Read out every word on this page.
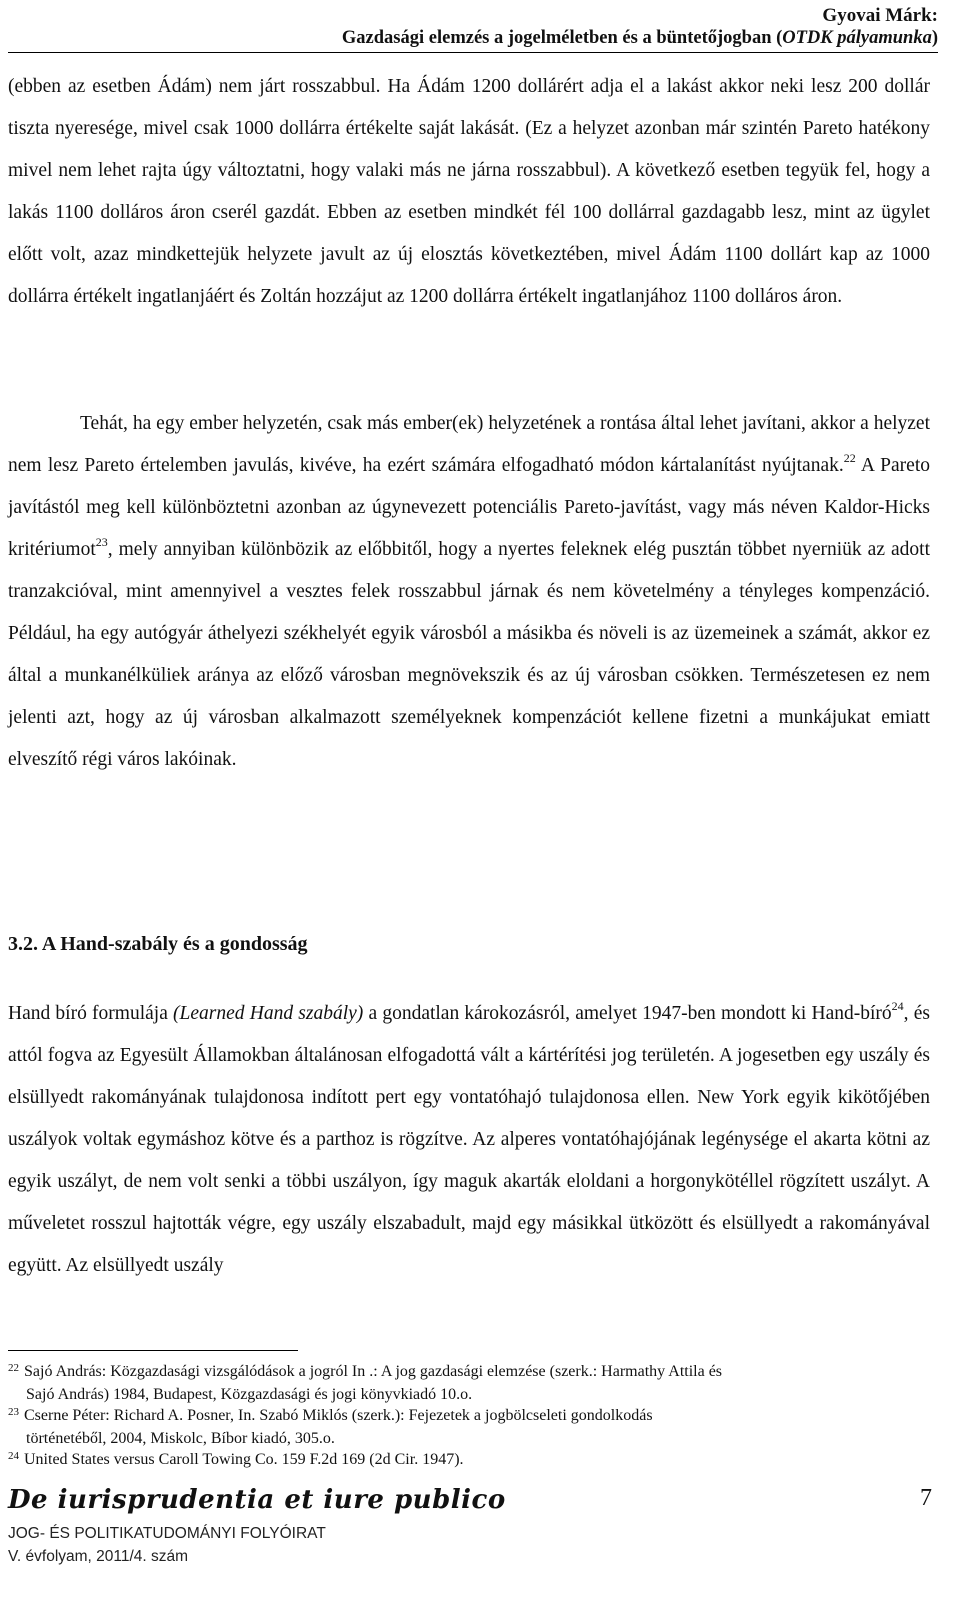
Gyovai Márk:
Gazdasági elemzés a jogelméletben és a büntetőjogban (OTDK pályamunka)
(ebben az esetben Ádám) nem járt rosszabbul. Ha Ádám 1200 dollárért adja el a lakást akkor neki lesz 200 dollár tiszta nyeresége, mivel csak 1000 dollárra értékelte saját lakását. (Ez a helyzet azonban már szintén Pareto hatékony mivel nem lehet rajta úgy változtatni, hogy valaki más ne járna rosszabbul). A következő esetben tegyük fel, hogy a lakás 1100 dolláros áron cserél gazdát. Ebben az esetben mindkét fél 100 dollárral gazdagabb lesz, mint az ügylet előtt volt, azaz mindkettejük helyzete javult az új elosztás következtében, mivel Ádám 1100 dollárt kap az 1000 dollárra értékelt ingatlanjáért és Zoltán hozzájut az 1200 dollárra értékelt ingatlanjához 1100 dolláros áron.
Tehát, ha egy ember helyzetén, csak más ember(ek) helyzetének a rontása által lehet javítani, akkor a helyzet nem lesz Pareto értelemben javulás, kivéve, ha ezért számára elfogadható módon kártalanítást nyújtanak.$^{22}$ A Pareto javítástól meg kell különböztetni azonban az úgynevezett potenciális Pareto-javítást, vagy más néven Kaldor-Hicks kritériumot$^{23}$, mely annyiban különbözik az előbbitől, hogy a nyertes feleknek elég pusztán többet nyerniük az adott tranzakcióval, mint amennyivel a vesztes felek rosszabbul járnak és nem követelmény a tényleges kompenzáció. Például, ha egy autógyár áthelyezi székhelyét egyik városból a másikba és növeli is az üzemeinek a számát, akkor ez által a munkanélküliek aránya az előző városban megnövekszik és az új városban csökken. Természetesen ez nem jelenti azt, hogy az új városban alkalmazott személyeknek kompenzációt kellene fizetni a munkájukat emiatt elveszítő régi város lakóinak.
3.2. A Hand-szabály és a gondosság
Hand bíró formulája (Learned Hand szabály) a gondatlan károkozásról, amelyet 1947-ben mondott ki Hand-bíró$^{24}$, és attól fogva az Egyesült Államokban általánosan elfogadottá vált a kártérítési jog területén. A jogesetben egy uszály és elsüllyedt rakományának tulajdonosa indított pert egy vontatóhajó tulajdonosa ellen. New York egyik kikötőjében uszályok voltak egymáshoz kötve és a parthoz is rögzítve. Az alperes vontatóhajójának legénysége el akarta kötni az egyik uszályt, de nem volt senki a többi uszályon, így maguk akarták eloldani a horgonykötéllel rögzített uszályt. A műveletet rosszul hajtották végre, egy uszály elszabadult, majd egy másikkal ütközött és elsüllyedt a rakományával együtt. Az elsüllyedt uszály
$^{22}$ Sajó András: Közgazdasági vizsgálódások a jogról In .: A jog gazdasági elemzése (szerk.: Harmathy Attila és
Sajó András) 1984, Budapest, Közgazdasági és jogi könyvkiadó 10.o.
$^{23}$ Cserne Péter: Richard A. Posner, In. Szabó Miklós (szerk.): Fejezetek a jogbölcseleti gondolkodás
történetéből, 2004, Miskolc, Bíbor kiadó, 305.o.
$^{24}$ United States versus Caroll Towing Co. 159 F.2d 169 (2d Cir. 1947).
De iurisprudentia et iure publico	7
JOG- ÉS POLITIKATUDOMÁNYI FOLYÓIRAT
V. évfolyam, 2011/4. szám
